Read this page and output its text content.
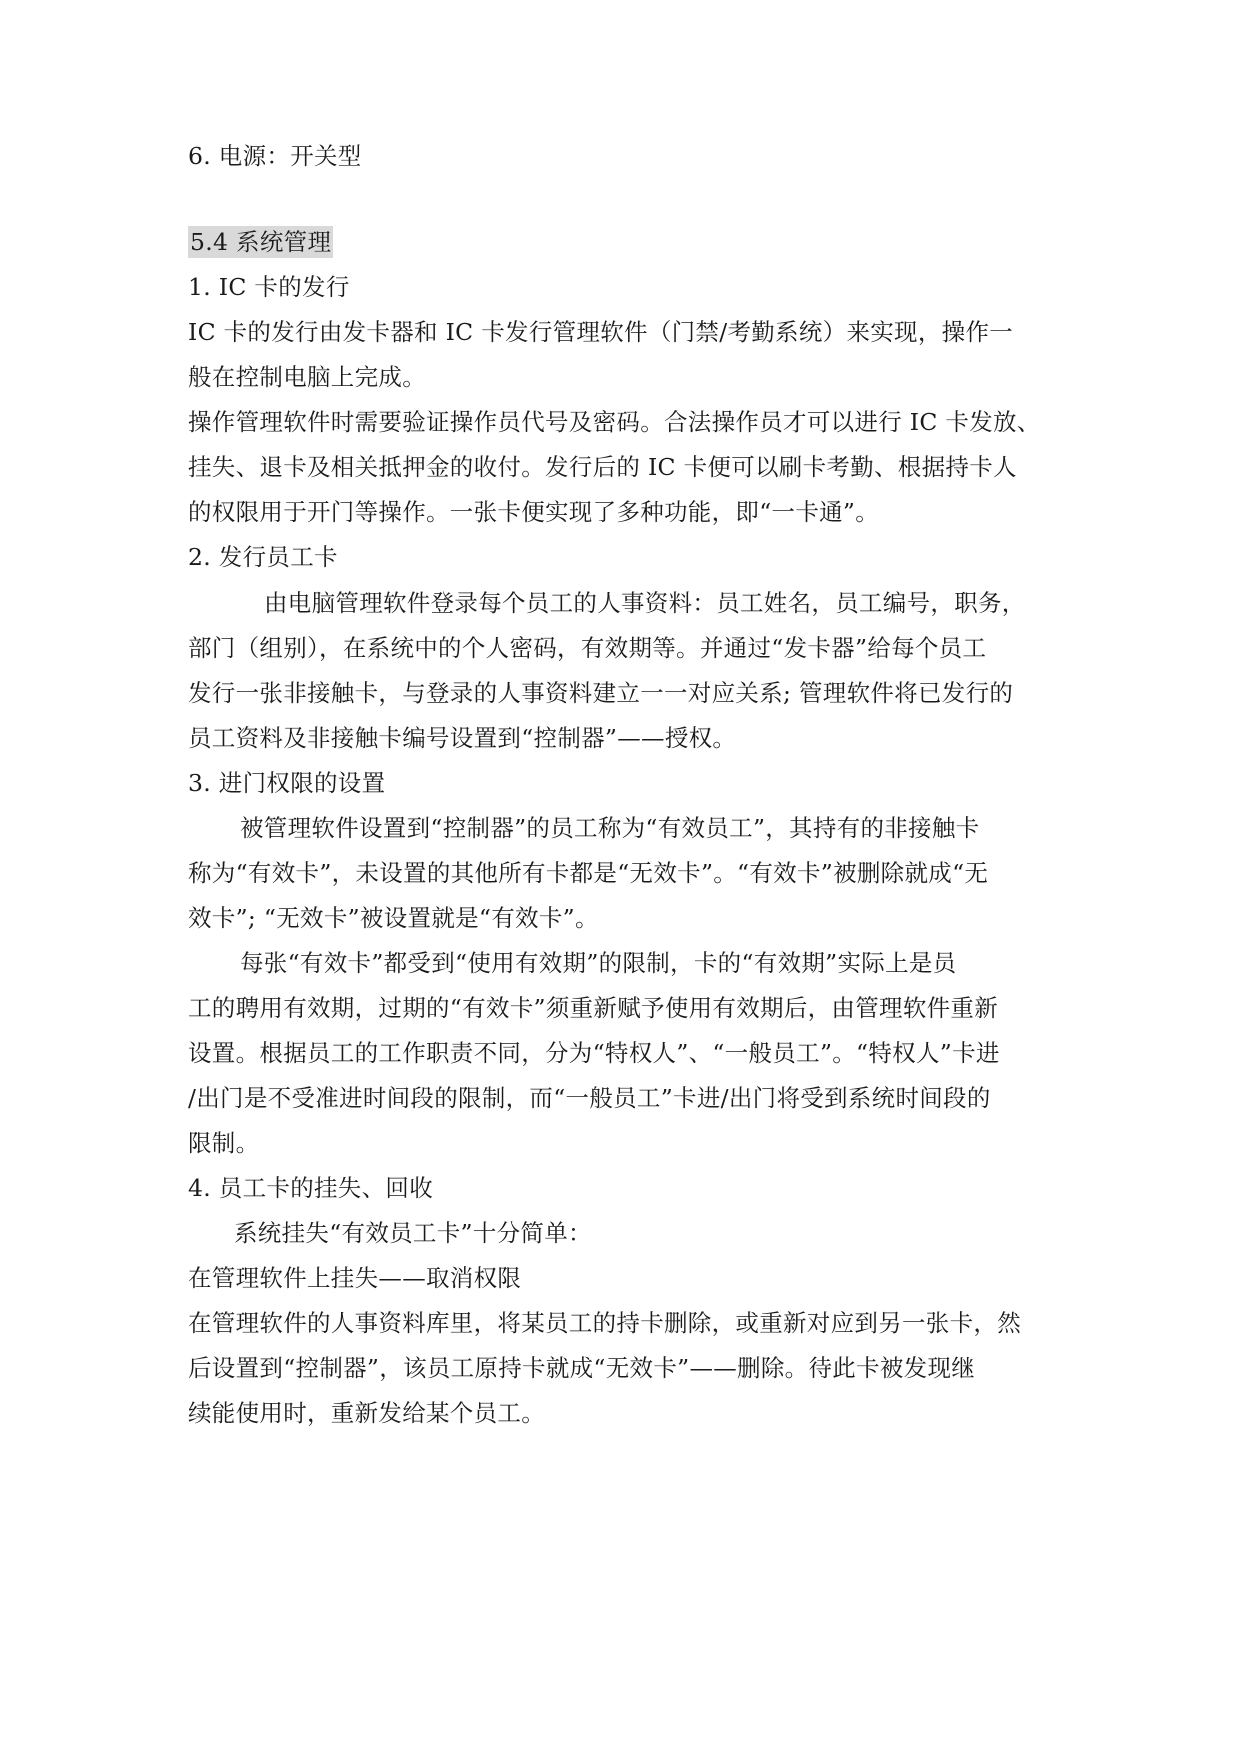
6. 电源：开关型
5.4 系统管理
1. IC 卡的发行
IC 卡的发行由发卡器和 IC 卡发行管理软件（门禁/考勤系统）来实现，操作一
般在控制电脑上完成。
操作管理软件时需要验证操作员代号及密码。合法操作员才可以进行 IC 卡发放、
挂失、退卡及相关抵押金的收付。发行后的 IC 卡便可以刷卡考勤、根据持卡人
的权限用于开门等操作。一张卡便实现了多种功能，即“一卡通”。
2. 发行员工卡
由电脑管理软件登录每个员工的人事资料：员工姓名，员工编号，职务，
部门（组别），在系统中的个人密码，有效期等。并通过“发卡器”给每个员工
发行一张非接触卡，与登录的人事资料建立一一对应关系; 管理软件将已发行的
员工资料及非接触卡编号设置到“控制器”——授权。
3. 进门权限的设置
被管理软件设置到“控制器”的员工称为“有效员工”，其持有的非接触卡
称为“有效卡”，未设置的其他所有卡都是“无效卡”。“有效卡”被删除就成“无
效卡”; “无效卡”被设置就是“有效卡”。
每张“有效卡”都受到“使用有效期”的限制，卡的“有效期”实际上是员
工的聘用有效期，过期的“有效卡”须重新赋予使用有效期后，由管理软件重新
设置。根据员工的工作职责不同，分为“特权人”、“一般员工”。“特权人”卡进
/出门是不受准进时间段的限制，而“一般员工”卡进/出门将受到系统时间段的
限制。
4. 员工卡的挂失、回收
系统挂失“有效员工卡”十分简单：
在管理软件上挂失——取消权限
在管理软件的人事资料库里，将某员工的持卡删除，或重新对应到另一张卡，然
后设置到“控制器”，该员工原持卡就成“无效卡”——删除。待此卡被发现继
续能使用时，重新发给某个员工。
